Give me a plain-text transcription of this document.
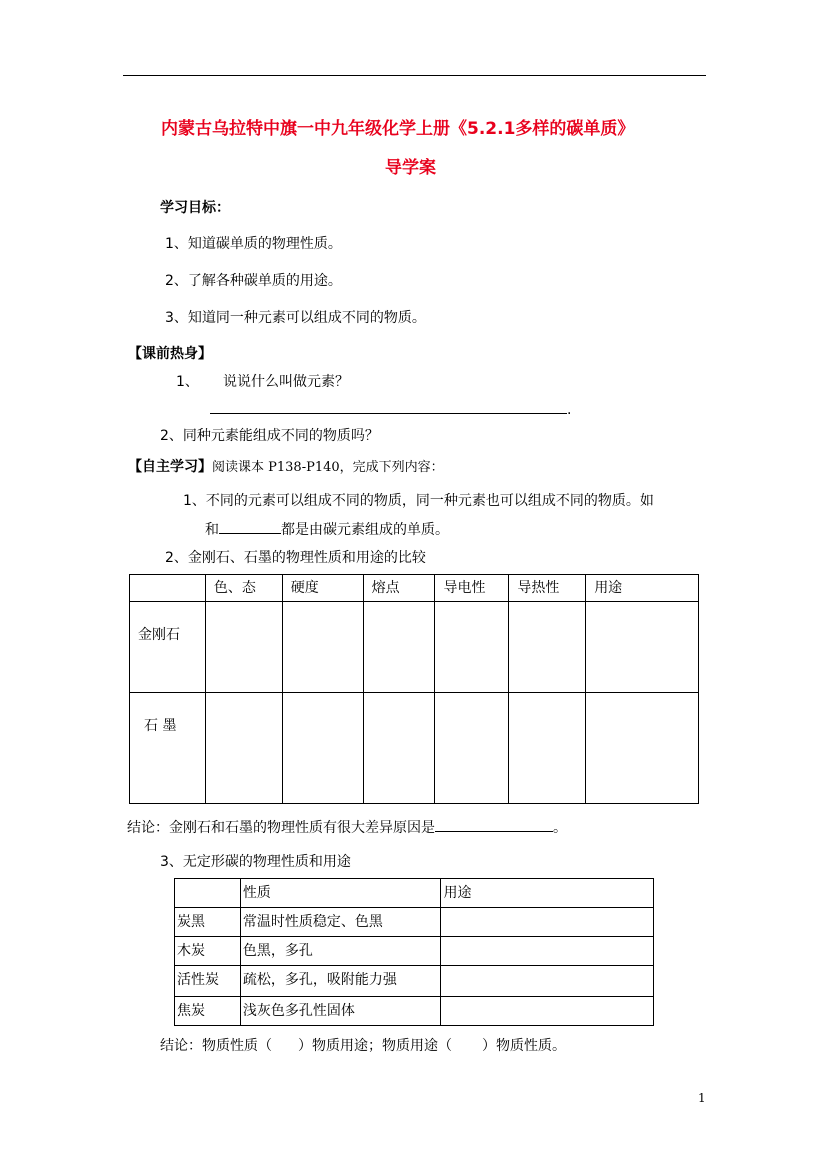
内蒙古乌拉特中旗一中九年级化学上册《5.2.1多样的碳单质》
导学案
学习目标：
1、知道碳单质的物理性质。
2、了解各种碳单质的用途。
3、知道同一种元素可以组成不同的物质。
【课前热身】
1、 说说什么叫做元素？
.
2、同种元素能组成不同的物质吗？
【自主学习】阅读课本 P138-P140，完成下列内容：
1、不同的元素可以组成不同的物质，同一种元素也可以组成不同的物质。如
和	都是由碳元素组成的单质。
2、金刚石、石墨的物理性质和用途的比较
	色、态	硬度	熔点	导电性	导热性	用途
金刚石						
石 墨						
结论：金刚石和石墨的物理性质有很大差异原因是	。
3、无定形碳的物理性质和用途
	性质	用途
炭黑	常温时性质稳定、色黑	
木炭	色黑，多孔	
活性炭	疏松，多孔，吸附能力强	
焦炭	浅灰色多孔性固体	
结论：物质性质（ ）物质用途；物质用途（ ）物质性质。
1
